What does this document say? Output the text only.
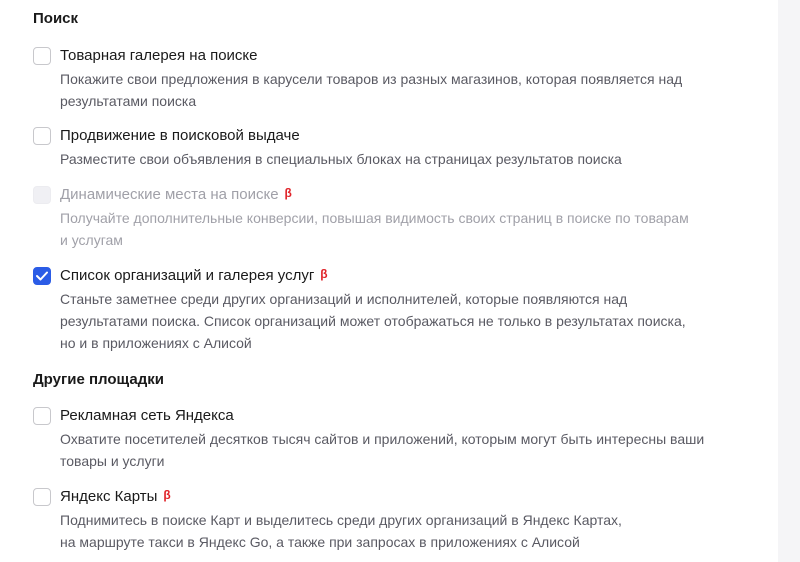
Поиск
Товарная галерея на поиске
Покажите свои предложения в карусели товаров из разных магазинов, которая появляется над
результатами поиска
Продвижение в поисковой выдаче
Разместите свои объявления в специальных блоках на страницах результатов поиска
Динамические места на поиске β
Получайте дополнительные конверсии, повышая видимость своих страниц в поиске по товарам
и услугам
Список организаций и галерея услуг β
Станьте заметнее среди других организаций и исполнителей, которые появляются над
результатами поиска. Список организаций может отображаться не только в результатах поиска,
но и в приложениях с Алисой
Другие площадки
Рекламная сеть Яндекса
Охватите посетителей десятков тысяч сайтов и приложений, которым могут быть интересны ваши
товары и услуги
Яндекс Карты β
Поднимитесь в поиске Карт и выделитесь среди других организаций в Яндекс Картах,
на маршруте такси в Яндекс Go, а также при запросах в приложениях с Алисой
